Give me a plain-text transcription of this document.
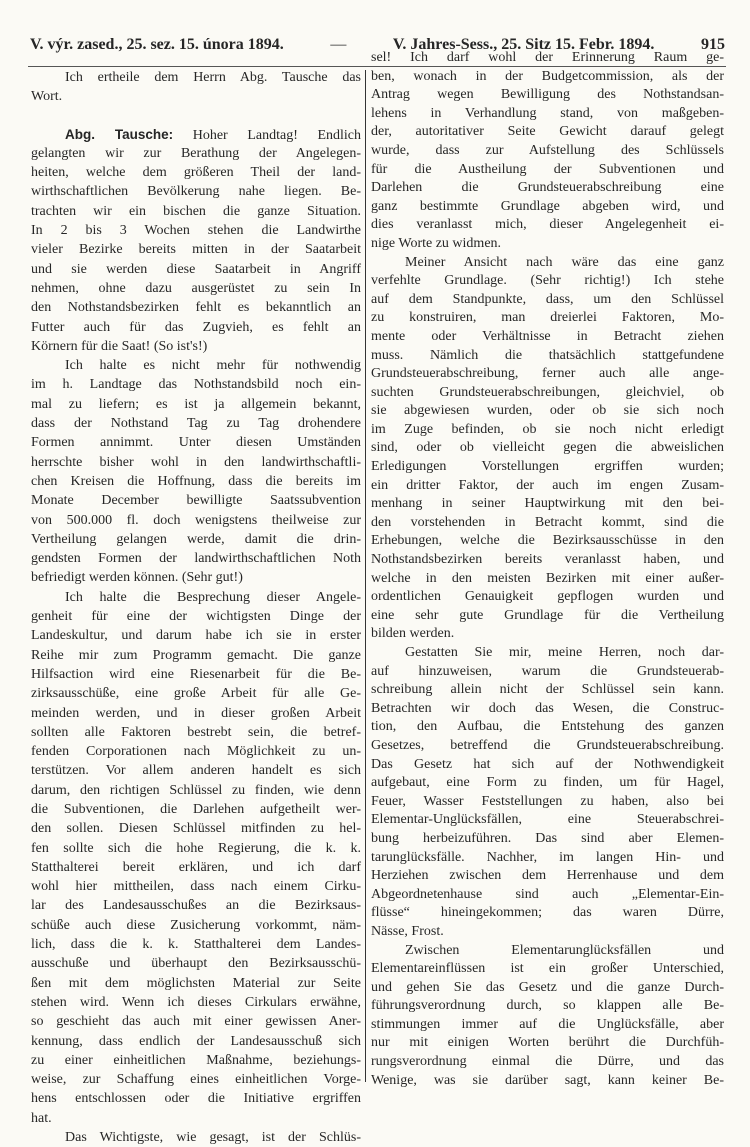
V. výr. zased., 25. sez. 15. února 1894.	—	V. Jahres-Sess., 25. Sitz 15. Febr. 1894.	915
Ich ertheile dem Herrn Abg. Tausche das
Wort.
Abg. Tausche: Hoher Landtag! Endlich
gelangten wir zur Berathung der Angelegen-
heiten, welche dem größeren Theil der land-
wirthschaftlichen Bevölkerung nahe liegen. Be-
trachten wir ein bischen die ganze Situation.
In 2 bis 3 Wochen stehen die Landwirthe
vieler Bezirke bereits mitten in der Saatarbeit
und sie werden diese Saatarbeit in Angriff
nehmen, ohne dazu ausgerüstet zu sein In
den Nothstandsbezirken fehlt es bekanntlich an
Futter auch für das Zugvieh, es fehlt an
Körnern für die Saat! (So ist's!)
Ich halte es nicht mehr für nothwendig
im h. Landtage das Nothstandsbild noch ein-
mal zu liefern; es ist ja allgemein bekannt,
dass der Nothstand Tag zu Tag drohendere
Formen annimmt. Unter diesen Umständen
herrschte bisher wohl in den landwirthschaftli-
chen Kreisen die Hoffnung, dass die bereits im
Monate December bewilligte Saatssubvention
von 500.000 fl. doch wenigstens theilweise zur
Vertheilung gelangen werde, damit die drin-
gendsten Formen der landwirthschaftlichen Noth
befriedigt werden können. (Sehr gut!)
Ich halte die Besprechung dieser Angele-
genheit für eine der wichtigsten Dinge der
Landeskultur, und darum habe ich sie in erster
Reihe mir zum Programm gemacht. Die ganze
Hilfsaction wird eine Riesenarbeit für die Be-
zirksausschüße, eine große Arbeit für alle Ge-
meinden werden, und in dieser großen Arbeit
sollten alle Faktoren bestrebt sein, die betref-
fenden Corporationen nach Möglichkeit zu un-
terstützen. Vor allem anderen handelt es sich
darum, den richtigen Schlüssel zu finden, wie denn
die Subventionen, die Darlehen aufgetheilt wer-
den sollen. Diesen Schlüssel mitfinden zu hel-
fen sollte sich die hohe Regierung, die k. k.
Statthalterei bereit erklären, und ich darf
wohl hier mittheilen, dass nach einem Cirku-
lar des Landesausschußes an die Bezirksaus-
schüße auch diese Zusicherung vorkommt, näm-
lich, dass die k. k. Statthalterei dem Landes-
ausschuße und überhaupt den Bezirksausschü-
ßen mit dem möglichsten Material zur Seite
stehen wird. Wenn ich dieses Cirkulars erwähne,
so geschieht das auch mit einer gewissen Aner-
kennung, dass endlich der Landesausschuß sich
zu einer einheitlichen Maßnahme, beziehungs-
weise, zur Schaffung eines einheitlichen Vorge-
hens entschlossen oder die Initiative ergriffen
hat.
Das Wichtigste, wie gesagt, ist der Schlüs-
sel! Ich darf wohl der Erinnerung Raum ge-
ben, wonach in der Budgetcommission, als der
Antrag wegen Bewilligung des Nothstandsan-
lehens in Verhandlung stand, von maßgeben-
der, autoritativer Seite Gewicht darauf gelegt
wurde, dass zur Aufstellung des Schlüssels
für die Austheilung der Subventionen und
Darlehen die Grundsteuerabschreibung eine
ganz bestimmte Grundlage abgeben wird, und
dies veranlasst mich, dieser Angelegenheit ei-
nige Worte zu widmen.
Meiner Ansicht nach wäre das eine ganz
verfehlte Grundlage. (Sehr richtig!) Ich stehe
auf dem Standpunkte, dass, um den Schlüssel
zu konstruiren, man dreierlei Faktoren, Mo-
mente oder Verhältnisse in Betracht ziehen
muss. Nämlich die thatsächlich stattgefundene
Grundsteuerabschreibung, ferner auch alle ange-
suchten Grundsteuerabschreibungen, gleichviel, ob
sie abgewiesen wurden, oder ob sie sich noch
im Zuge befinden, ob sie noch nicht erledigt
sind, oder ob vielleicht gegen die abweislichen
Erledigungen Vorstellungen ergriffen wurden;
ein dritter Faktor, der auch im engen Zusam-
menhang in seiner Hauptwirkung mit den bei-
den vorstehenden in Betracht kommt, sind die
Erhebungen, welche die Bezirksausschüsse in den
Nothstandsbezirken bereits veranlasst haben, und
welche in den meisten Bezirken mit einer außer-
ordentlichen Genauigkeit gepflogen wurden und
eine sehr gute Grundlage für die Vertheilung
bilden werden.
Gestatten Sie mir, meine Herren, noch dar-
auf hinzuweisen, warum die Grundsteuerab-
schreibung allein nicht der Schlüssel sein kann.
Betrachten wir doch das Wesen, die Construc-
tion, den Aufbau, die Entstehung des ganzen
Gesetzes, betreffend die Grundsteuerabschreibung.
Das Gesetz hat sich auf der Nothwendigkeit
aufgebaut, eine Form zu finden, um für Hagel,
Feuer, Wasser Feststellungen zu haben, also bei
Elementar-Unglücksfällen, eine Steuerabschrei-
bung herbeizuführen. Das sind aber Elemen-
tarunglücksfälle. Nachher, im langen Hin- und
Herziehen zwischen dem Herrenhause und dem
Abgeordnetenhause sind auch „Elementar-Ein-
flüsse“ hineingekommen; das waren Dürre,
Nässe, Frost.
Zwischen Elementarunglücksfällen und
Elementareinflüssen ist ein großer Unterschied,
und gehen Sie das Gesetz und die ganze Durch-
führungsverordnung durch, so klappen alle Be-
stimmungen immer auf die Unglücksfälle, aber
nur mit einigen Worten berührt die Durchfüh-
rungsverordnung einmal die Dürre, und das
Wenige, was sie darüber sagt, kann keiner Be-
